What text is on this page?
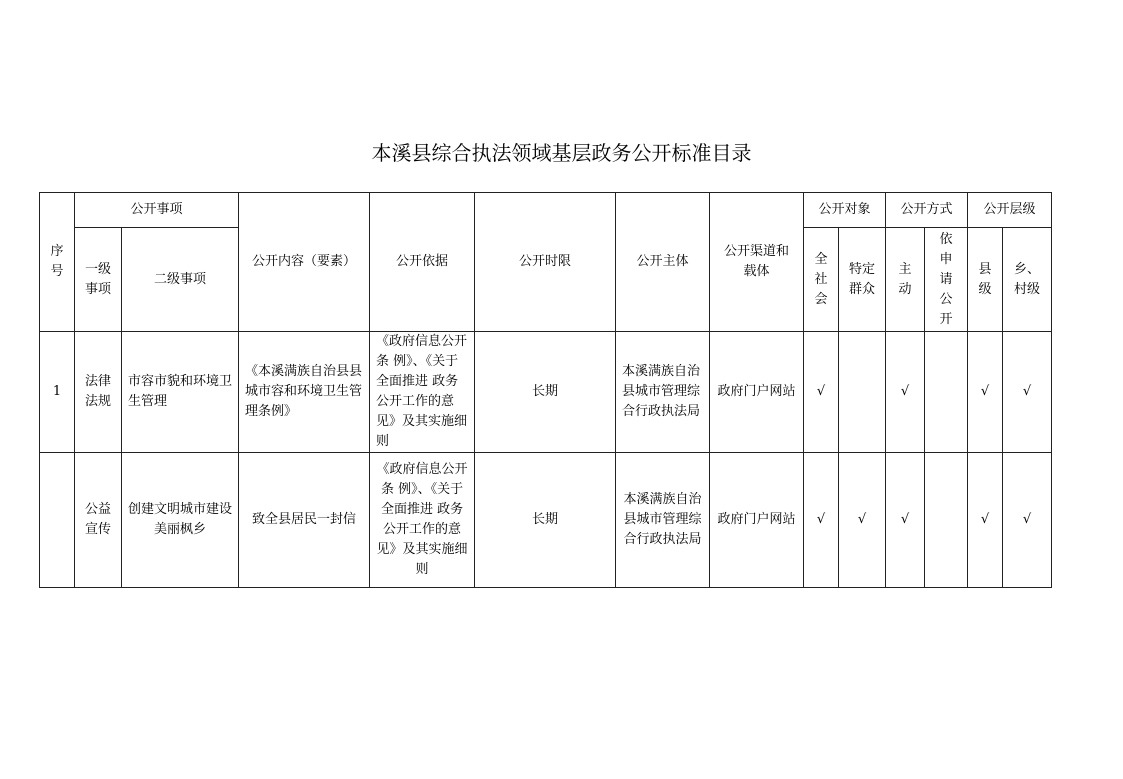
本溪县综合执法领域基层政务公开标准目录
序号	公开事项		公开内容（要素）	公开依据	公开时限	公开主体	公开渠道和载体	公开对象		公开方式		公开层级	
	一级事项	二级事项						全社会	特定群众	主动	依申请公开	县级	乡、村级
1	法律法规	市容市貌和环境卫生管理	《本溪满族自治县县城市容和环境卫生管理条例》	《政府信息公开条 例》、《关于全面推进 政务公开工作的意 见》及其实施细则	长期	本溪满族自治县城市管理综合行政执法局	政府门户网站	√		√		√	√
	公益宣传	创建文明城市建设美丽枫乡	致全县居民一封信	《政府信息公开条 例》、《关于全面推进 政务公开工作的意 见》及其实施细则	长期	本溪满族自治县城市管理综合行政执法局	政府门户网站	√	√	√		√	√
